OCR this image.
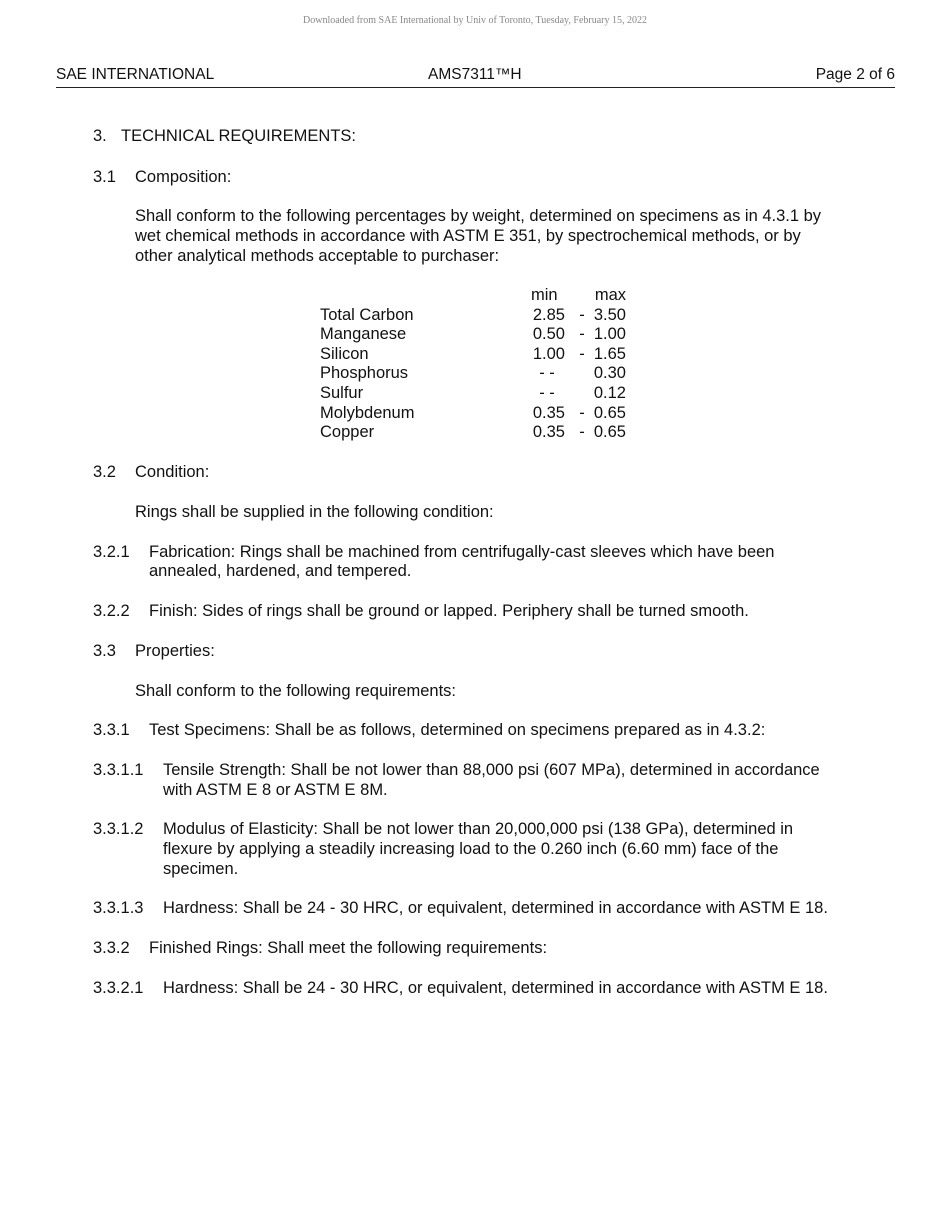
Downloaded from SAE International by Univ of Toronto, Tuesday, February 15, 2022
SAE INTERNATIONAL	AMS7311™H	Page 2 of 6
3. TECHNICAL REQUIREMENTS:
3.1 Composition:
Shall conform to the following percentages by weight, determined on specimens as in 4.3.1 by
wet chemical methods in accordance with ASTM E 351, by spectrochemical methods, or by
other analytical methods acceptable to purchaser:
min	max
Total Carbon	2.85 - 3.50
Manganese	0.50 - 1.00
Silicon	1.00 - 1.65
Phosphorus	- - 0.30
Sulfur	- - 0.12
Molybdenum	0.35 - 0.65
Copper	0.35 - 0.65
3.2 Condition:
Rings shall be supplied in the following condition:
3.2.1 Fabrication: Rings shall be machined from centrifugally-cast sleeves which have been
annealed, hardened, and tempered.
3.2.2 Finish: Sides of rings shall be ground or lapped. Periphery shall be turned smooth.
3.3 Properties:
Shall conform to the following requirements:
3.3.1 Test Specimens: Shall be as follows, determined on specimens prepared as in 4.3.2:
3.3.1.1 Tensile Strength: Shall be not lower than 88,000 psi (607 MPa), determined in accordance
with ASTM E 8 or ASTM E 8M.
3.3.1.2 Modulus of Elasticity: Shall be not lower than 20,000,000 psi (138 GPa), determined in
flexure by applying a steadily increasing load to the 0.260 inch (6.60 mm) face of the
specimen.
3.3.1.3 Hardness: Shall be 24 - 30 HRC, or equivalent, determined in accordance with ASTM E 18.
3.3.2 Finished Rings: Shall meet the following requirements:
3.3.2.1 Hardness: Shall be 24 - 30 HRC, or equivalent, determined in accordance with ASTM E 18.
